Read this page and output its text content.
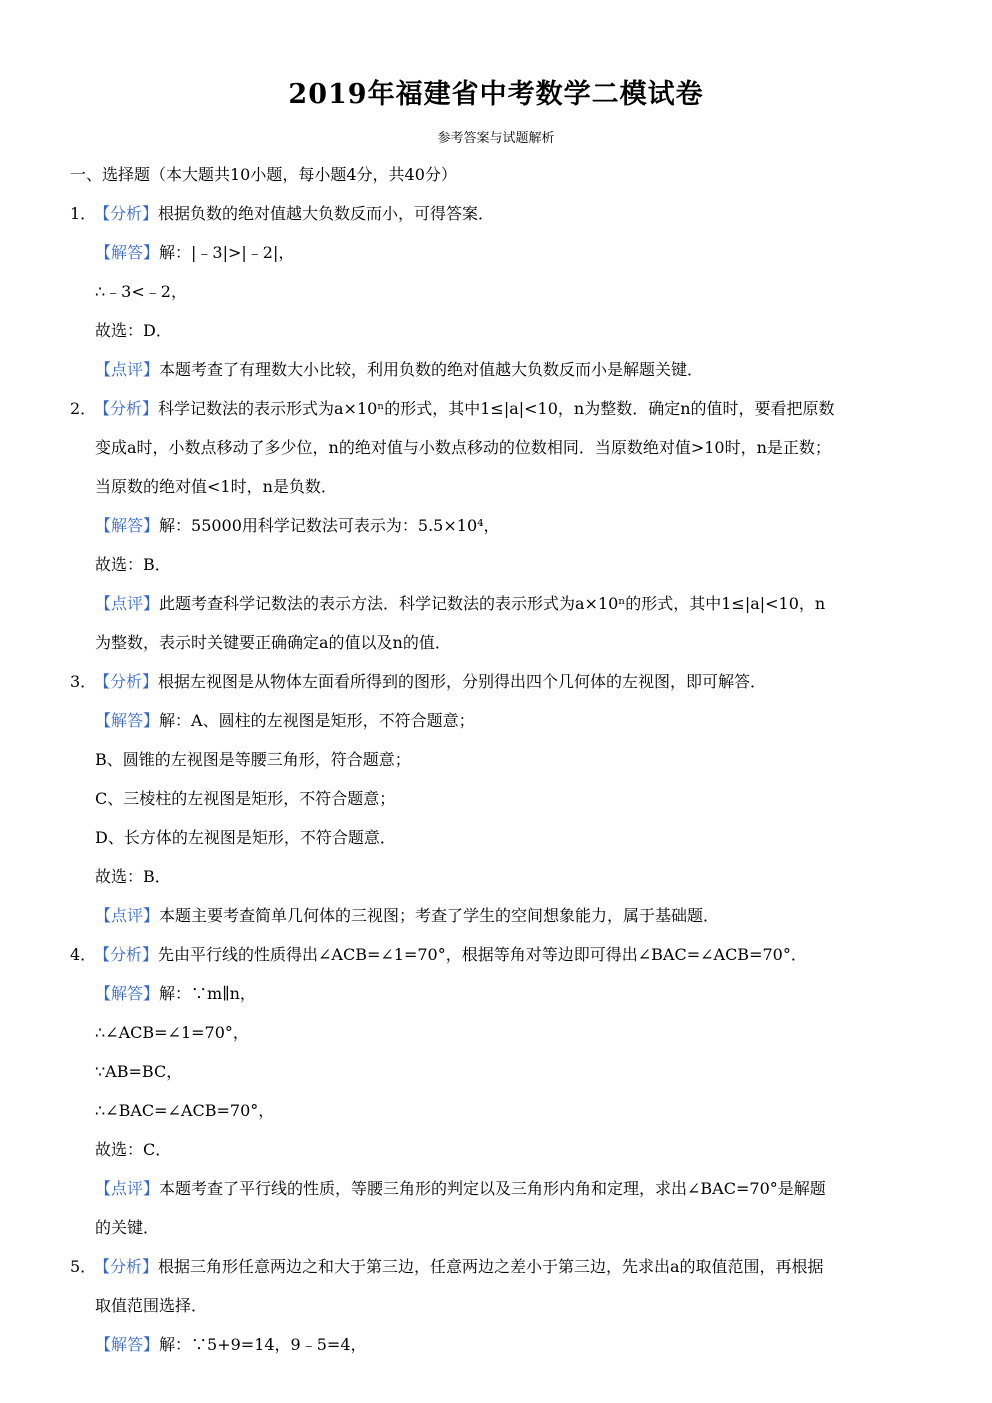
2019年福建省中考数学二模试卷
参考答案与试题解析
一、选择题（本大题共10小题，每小题4分，共40分）
1．【分析】根据负数的绝对值越大负数反而小，可得答案．
【解答】解：|﹣3|>|﹣2|，
∴﹣3<﹣2，
故选：D．
【点评】本题考查了有理数大小比较，利用负数的绝对值越大负数反而小是解题关键．
2．【分析】科学记数法的表示形式为a×10ⁿ的形式，其中1≤|a|<10，n为整数．确定n的值时，要看把原数
变成a时，小数点移动了多少位，n的绝对值与小数点移动的位数相同．当原数绝对值>10时，n是正数；
当原数的绝对值<1时，n是负数．
【解答】解：55000用科学记数法可表示为：5.5×10⁴，
故选：B．
【点评】此题考查科学记数法的表示方法．科学记数法的表示形式为a×10ⁿ的形式，其中1≤|a|<10，n
为整数，表示时关键要正确确定a的值以及n的值．
3．【分析】根据左视图是从物体左面看所得到的图形，分别得出四个几何体的左视图，即可解答．
【解答】解：A、圆柱的左视图是矩形，不符合题意；
B、圆锥的左视图是等腰三角形，符合题意；
C、三棱柱的左视图是矩形，不符合题意；
D、长方体的左视图是矩形，不符合题意．
故选：B．
【点评】本题主要考查简单几何体的三视图；考查了学生的空间想象能力，属于基础题．
4．【分析】先由平行线的性质得出∠ACB=∠1=70°，根据等角对等边即可得出∠BAC=∠ACB=70°．
【解答】解：∵m∥n，
∴∠ACB=∠1=70°，
∵AB=BC，
∴∠BAC=∠ACB=70°，
故选：C．
【点评】本题考查了平行线的性质，等腰三角形的判定以及三角形内角和定理，求出∠BAC=70°是解题
的关键．
5．【分析】根据三角形任意两边之和大于第三边，任意两边之差小于第三边，先求出a的取值范围，再根据
取值范围选择．
【解答】解：∵5+9=14，9﹣5=4，
